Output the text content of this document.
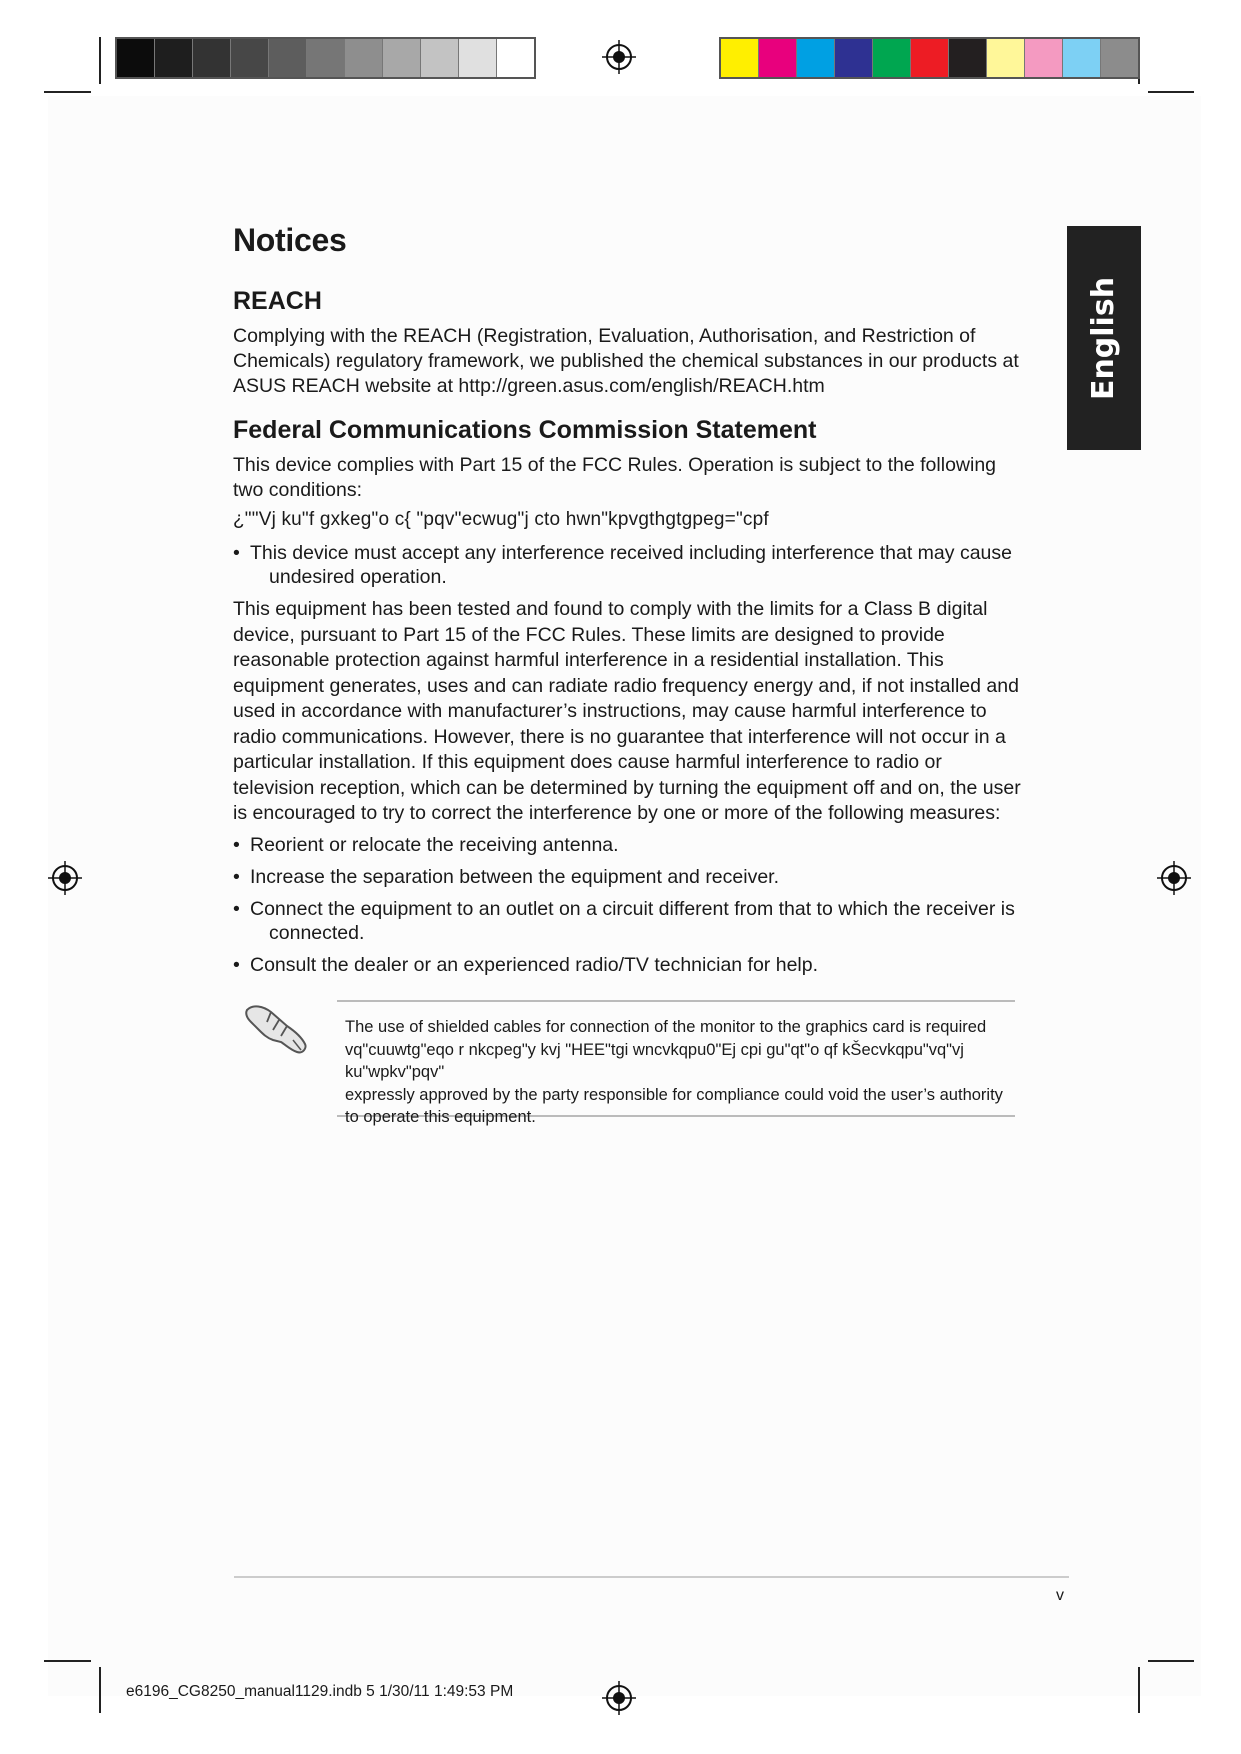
English
Notices
REACH

Complying with the REACH (Registration, Evaluation, Authorisation, and Restriction of Chemicals) regulatory framework, we published the chemical substances in our products at ASUS REACH website at http://green.asus.com/english/REACH.htm

Federal Communications Commission Statement

This device complies with Part 15 of the FCC Rules. Operation is subject to the following two conditions:

¿""Vj ku"f gxkeg"o c{ "pqv"ecwug"j cto hwn"kpvgthgtgpeg="cpf

• This device must accept any interference received including interference that may cause
undesired operation.

This equipment has been tested and found to comply with the limits for a Class B digital device, pursuant to Part 15 of the FCC Rules. These limits are designed to provide reasonable protection against harmful interference in a residential installation. This equipment generates, uses and can radiate radio frequency energy and, if not installed and used in accordance with manufacturer’s instructions, may cause harmful interference to radio communications. However, there is no guarantee that interference will not occur in a particular installation. If this equipment does cause harmful interference to radio or television reception, which can be determined by turning the equipment off and on, the user is encouraged to try to correct the interference by one or more of the following measures:

• Reorient or relocate the receiving antenna.
• Increase the separation between the equipment and receiver.
• Connect the equipment to an outlet on a circuit different from that to which the receiver is
connected.
• Consult the dealer or an experienced radio/TV technician for help.

The use of shielded cables for connection of the monitor to the graphics card is required
vq"cuuwtg"eqo r nkcpeg"y kvj "HEE"tgi wncvkqpu0"Ej cpi gu"qt"o qf kŠecvkqpu"vq"vj ku"wpkv"pqv"
expressly approved by the party responsible for compliance could void the user’s authority
to operate this equipment.

v
e6196_CG8250_manual1129.indb 5 1/30/11 1:49:53 PM
